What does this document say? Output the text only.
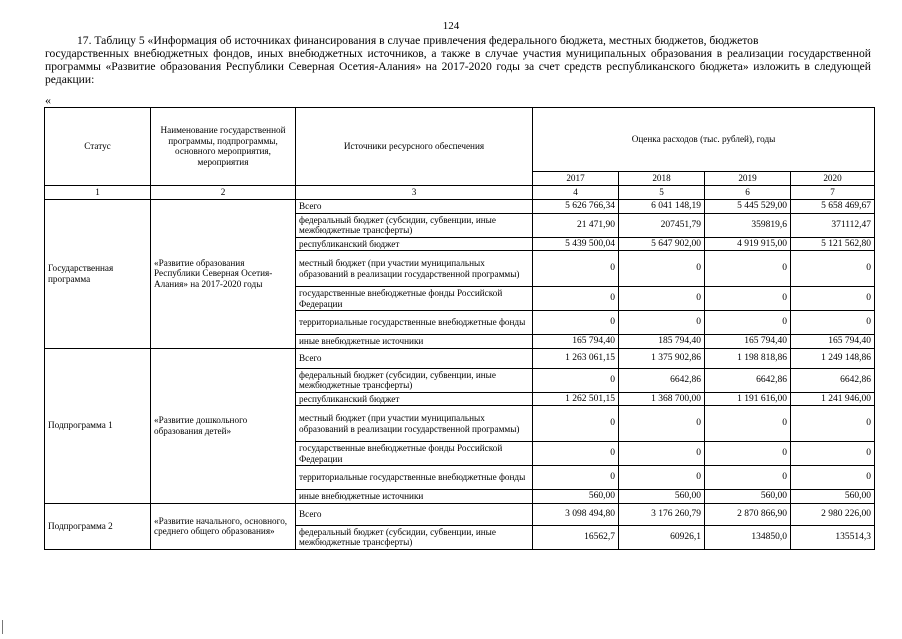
124
17. Таблицу 5 «Информация об источниках финансирования в случае привлечения федерального бюджета, местных бюджетов, бюджетов
государственных внебюджетных фондов, иных внебюджетных источников, а также в случае участия муниципальных образования в реализации государственной программы «Развитие образования Республики Северная Осетия-Алания» на 2017-2020 годы за счет средств республиканского бюджета» изложить в следующей редакции:
«
Статус	Наименование государственной программы, подпрограммы, основного мероприятия, мероприятия	Источники ресурсного обеспечения	Оценка расходов (тыс. рублей), годы			
			2017	2018	2019	2020
1	2	3	4	5	6	7
Государственная программа	«Развитие образования Республики Северная Осетия-Алания» на 2017-2020 годы	Всего	5 626 766,34	6 041 148,19	5 445 529,00	5 658 469,67
		федеральный бюджет (субсидии, субвенции, иные межбюджетные трансферты)	21 471,90	207451,79	359819,6	371112,47
		республиканский бюджет	5 439 500,04	5 647 902,00	4 919 915,00	5 121 562,80
		местный бюджет (при участии муниципальных образований в реализации государственной программы)	0	0	0	0
		государственные внебюджетные фонды Российской Федерации	0	0	0	0
		территориальные государственные внебюджетные фонды	0	0	0	0
		иные внебюджетные источники	165 794,40	185 794,40	165 794,40	165 794,40
Подпрограмма 1	«Развитие дошкольного образования детей»	Всего	1 263 061,15	1 375 902,86	1 198 818,86	1 249 148,86
		федеральный бюджет (субсидии, субвенции, иные межбюджетные трансферты)	0	6642,86	6642,86	6642,86
		республиканский бюджет	1 262 501,15	1 368 700,00	1 191 616,00	1 241 946,00
		местный бюджет (при участии муниципальных образований в реализации государственной программы)	0	0	0	0
		государственные внебюджетные фонды Российской Федерации	0	0	0	0
		территориальные государственные внебюджетные фонды	0	0	0	0
		иные внебюджетные источники	560,00	560,00	560,00	560,00
Подпрограмма 2	«Развитие начального, основного, среднего общего образования»	Всего	3 098 494,80	3 176 260,79	2 870 866,90	2 980 226,00
		федеральный бюджет (субсидии, субвенции, иные межбюджетные трансферты)	16562,7	60926,1	134850,0	135514,3
